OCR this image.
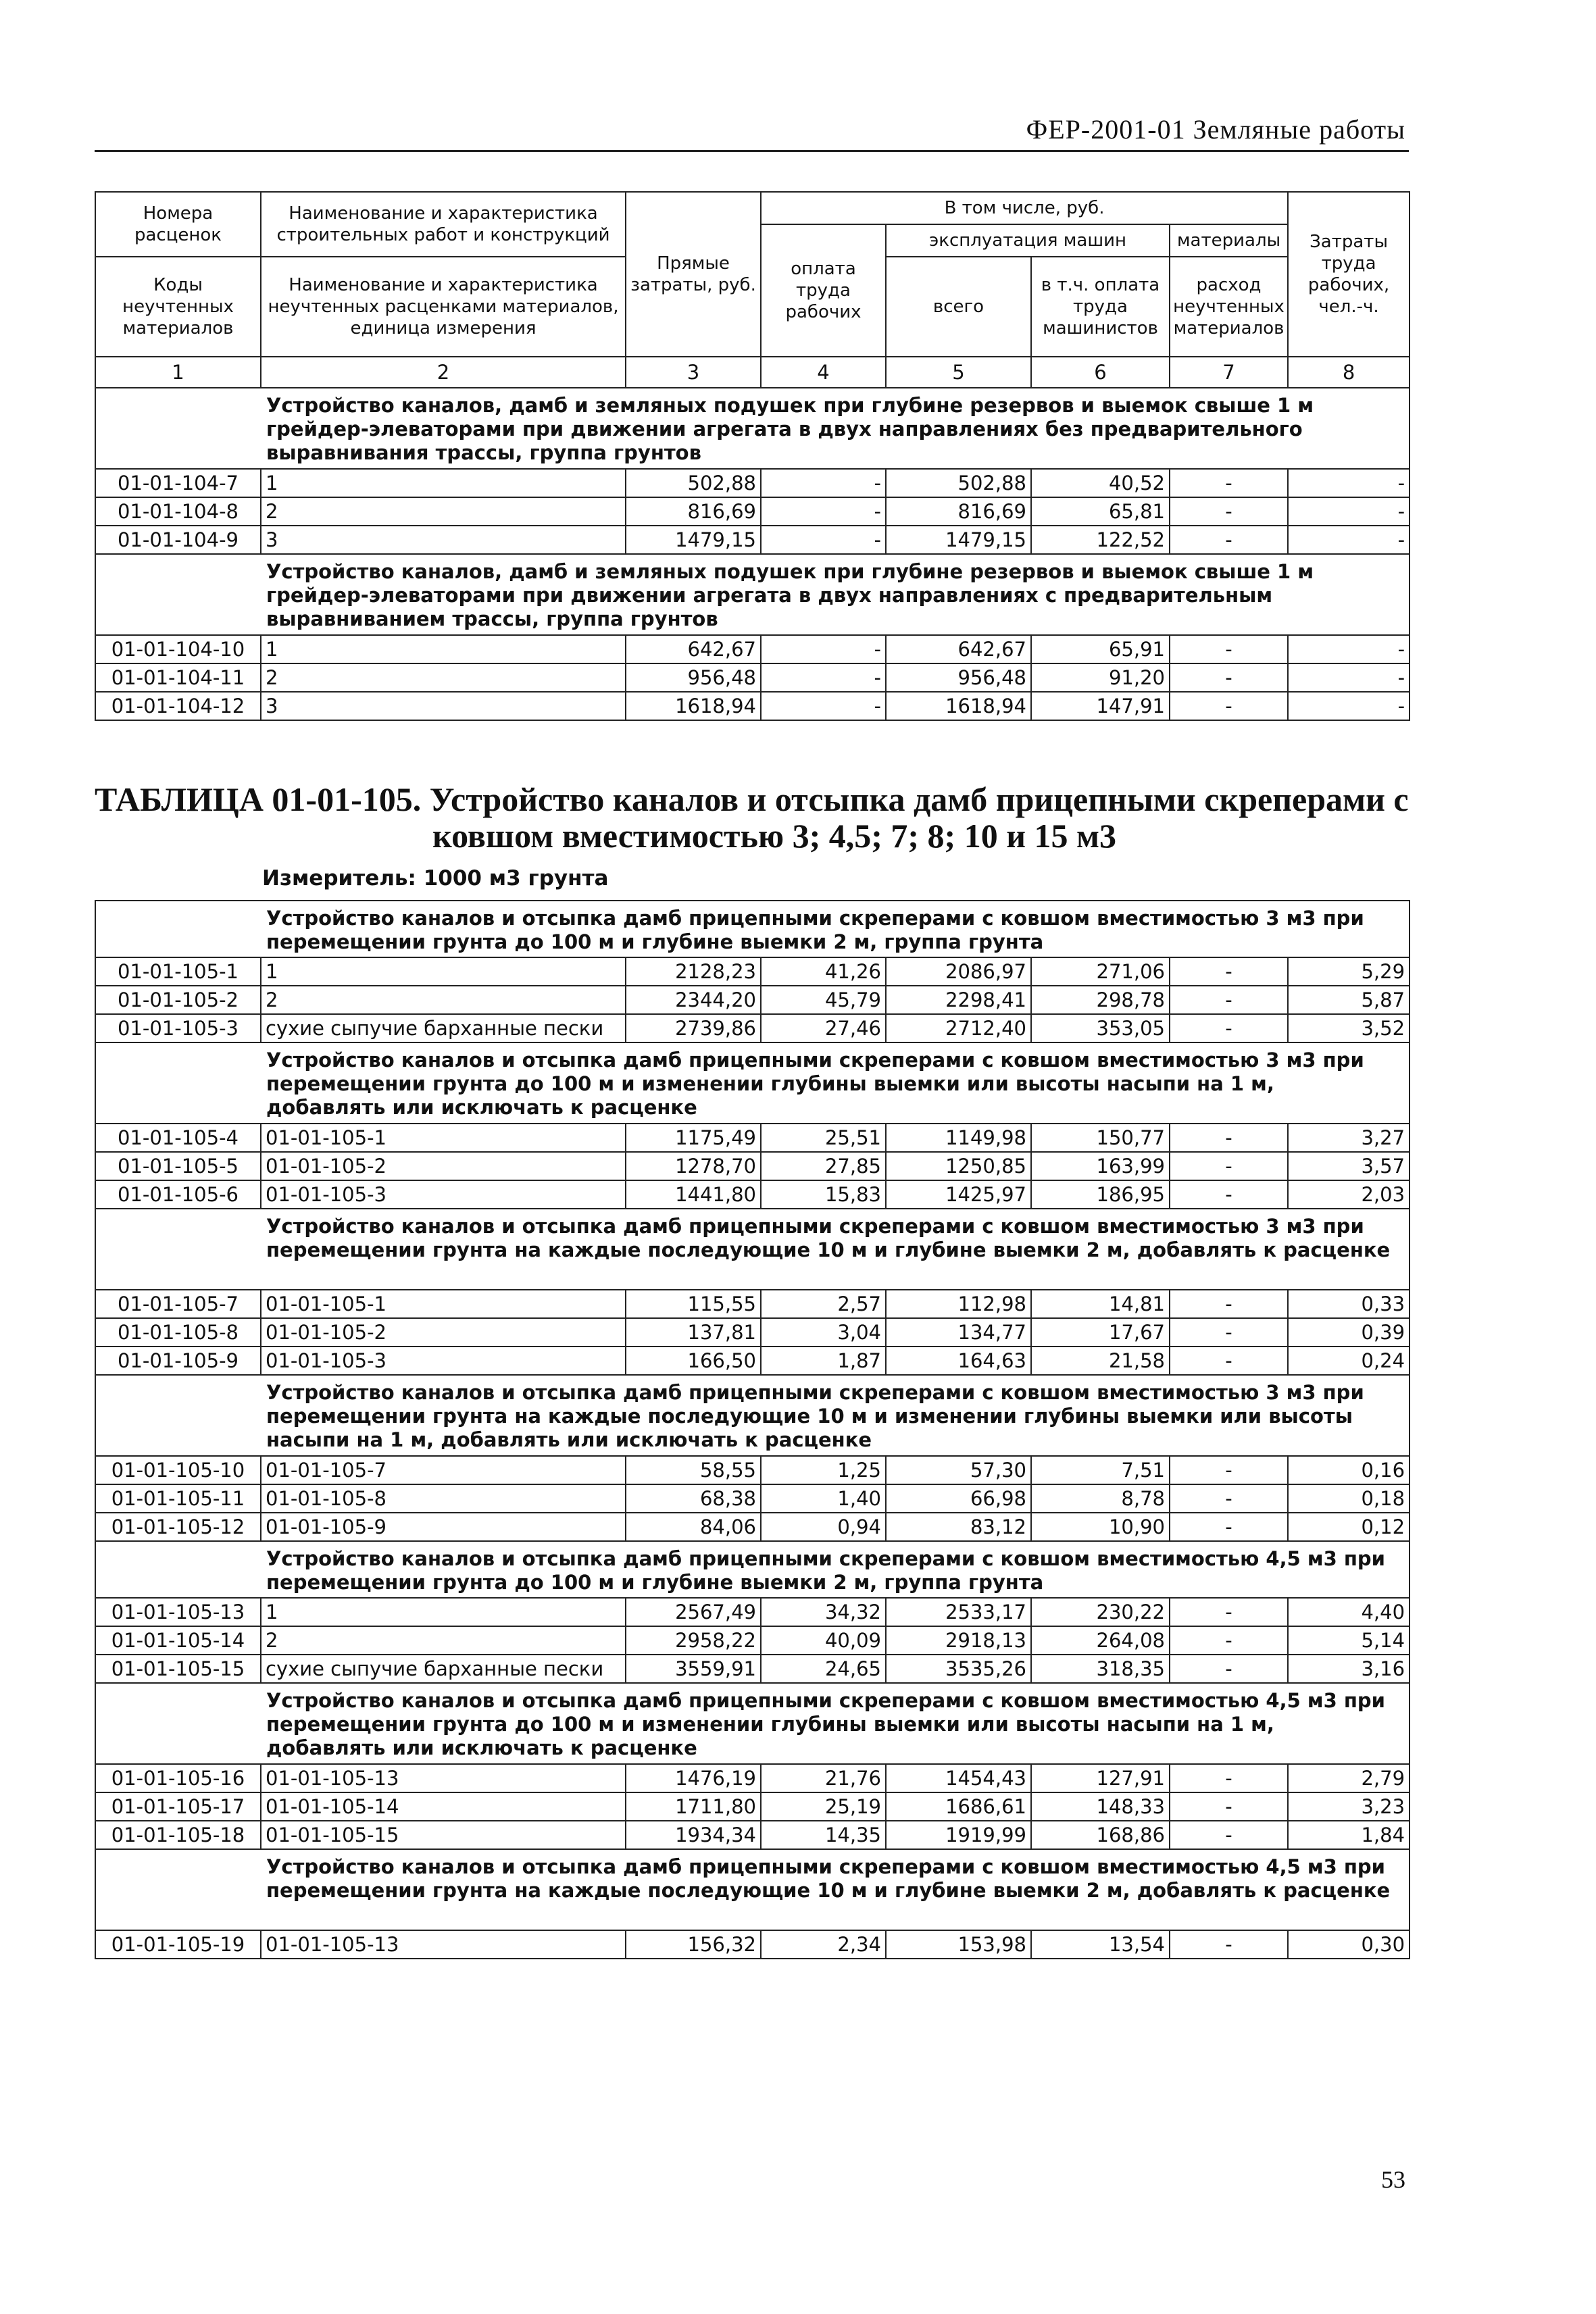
ФЕР-2001-01 Земляные работы
Номера расценок	Наименование и характеристика строительных работ и конструкций	Прямые затраты, руб.	В том числе, руб.				Затраты труда рабочих, чел.-ч.
			оплата труда рабочих	эксплуатация машин		материалы	
Коды неучтенных материалов	Наименование и характеристика неучтенных расценками материалов, единица измерения			всего	в т.ч. оплата труда машинистов	расход неучтенных материалов	

1	2	3	4	5	6	7	8
	Устройство каналов, дамб и земляных подушек при глубине резервов и выемок свыше 1 м грейдер-элеваторами при движении агрегата в двух направлениях без предварительного выравнивания трассы, группа грунтов						
01-01-104-7	1	502,88	-	502,88	40,52	-	-
01-01-104-8	2	816,69	-	816,69	65,81	-	-
01-01-104-9	3	1479,15	-	1479,15	122,52	-	-
	Устройство каналов, дамб и земляных подушек при глубине резервов и выемок свыше 1 м грейдер-элеваторами при движении агрегата в двух направлениях с предварительным выравниванием трассы, группа грунтов						
01-01-104-10	1	642,67	-	642,67	65,91	-	-
01-01-104-11	2	956,48	-	956,48	91,20	-	-
01-01-104-12	3	1618,94	-	1618,94	147,91	-	-
ТАБЛИЦА 01-01-105. Устройство каналов и отсыпка дамб прицепными скреперами с
ковшом вместимостью 3; 4,5; 7; 8; 10 и 15 м3
Измеритель: 1000 м3 грунта
	Устройство каналов и отсыпка дамб прицепными скреперами с ковшом вместимостью 3 м3 при перемещении грунта до 100 м и глубине выемки 2 м, группа грунта						
01-01-105-1	1	2128,23	41,26	2086,97	271,06	-	5,29
01-01-105-2	2	2344,20	45,79	2298,41	298,78	-	5,87
01-01-105-3	сухие сыпучие барханные пески	2739,86	27,46	2712,40	353,05	-	3,52
	Устройство каналов и отсыпка дамб прицепными скреперами с ковшом вместимостью 3 м3 при перемещении грунта до 100 м и изменении глубины выемки или высоты насыпи на 1 м, добавлять или исключать к расценке						
01-01-105-4	01-01-105-1	1175,49	25,51	1149,98	150,77	-	3,27
01-01-105-5	01-01-105-2	1278,70	27,85	1250,85	163,99	-	3,57
01-01-105-6	01-01-105-3	1441,80	15,83	1425,97	186,95	-	2,03
	Устройство каналов и отсыпка дамб прицепными скреперами с ковшом вместимостью 3 м3 при перемещении грунта на каждые последующие 10 м и глубине выемки 2 м, добавлять к расценке						
01-01-105-7	01-01-105-1	115,55	2,57	112,98	14,81	-	0,33
01-01-105-8	01-01-105-2	137,81	3,04	134,77	17,67	-	0,39
01-01-105-9	01-01-105-3	166,50	1,87	164,63	21,58	-	0,24
	Устройство каналов и отсыпка дамб прицепными скреперами с ковшом вместимостью 3 м3 при перемещении грунта на каждые последующие 10 м и изменении глубины выемки или высоты насыпи на 1 м, добавлять или исключать к расценке						
01-01-105-10	01-01-105-7	58,55	1,25	57,30	7,51	-	0,16
01-01-105-11	01-01-105-8	68,38	1,40	66,98	8,78	-	0,18
01-01-105-12	01-01-105-9	84,06	0,94	83,12	10,90	-	0,12
	Устройство каналов и отсыпка дамб прицепными скреперами с ковшом вместимостью 4,5 м3 при перемещении грунта до 100 м и глубине выемки 2 м, группа грунта						
01-01-105-13	1	2567,49	34,32	2533,17	230,22	-	4,40
01-01-105-14	2	2958,22	40,09	2918,13	264,08	-	5,14
01-01-105-15	сухие сыпучие барханные пески	3559,91	24,65	3535,26	318,35	-	3,16
	Устройство каналов и отсыпка дамб прицепными скреперами с ковшом вместимостью 4,5 м3 при перемещении грунта до 100 м и изменении глубины выемки или высоты насыпи на 1 м, добавлять или исключать к расценке						
01-01-105-16	01-01-105-13	1476,19	21,76	1454,43	127,91	-	2,79
01-01-105-17	01-01-105-14	1711,80	25,19	1686,61	148,33	-	3,23
01-01-105-18	01-01-105-15	1934,34	14,35	1919,99	168,86	-	1,84
	Устройство каналов и отсыпка дамб прицепными скреперами с ковшом вместимостью 4,5 м3 при перемещении грунта на каждые последующие 10 м и глубине выемки 2 м, добавлять к расценке						
01-01-105-19	01-01-105-13	156,32	2,34	153,98	13,54	-	0,30
53
